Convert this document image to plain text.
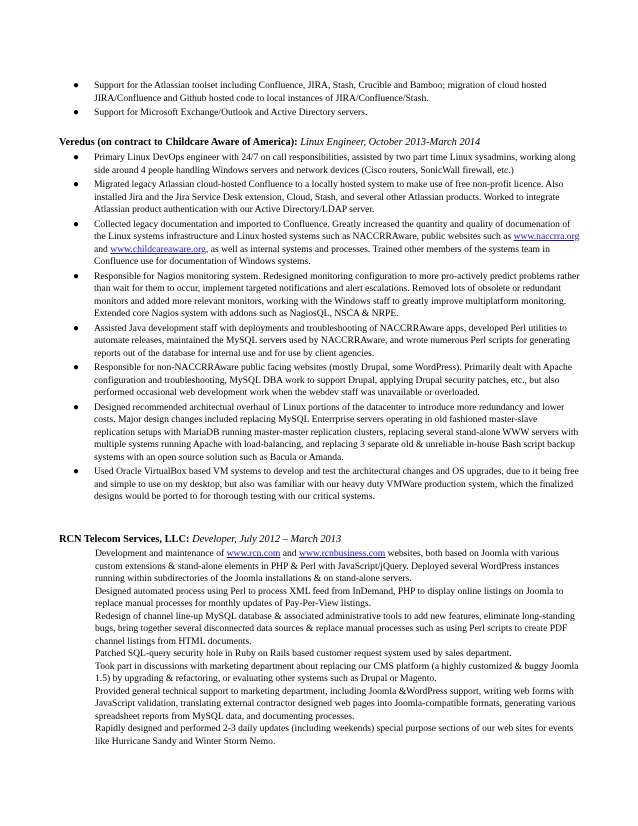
●	Support for the Atlassian toolset including Confluence, JIRA, Stash, Crucible and Bamboo; migration of cloud hosted JIRA/Confluence and Github hosted code to local instances of JIRA/Confluence/Stash.
●	Support for Microsoft Exchange/Outlook and Active Directory servers.
Veredus (on contract to Childcare Aware of America): Linux Engineer, October 2013-March 2014
●	Primary Linux DevOps engineer with 24/7 on call responsibilities, assisted by two part time Linux sysadmins, working along side around 4 people handling Windows servers and network devices (Cisco routers, SonicWall firewall, etc.)
●	Migrated legacy Atlassian cloud-hosted Confluence to a locally hosted system to make use of free non-profit licence. Also installed Jira and the Jira Service Desk extension, Cloud, Stash, and several other Atlassian products. Worked to integrate Atlassian product authentication with our Active Directory/LDAP server.
●	Collected legacy documentation and imported to Confluence. Greatly increased the quantity and quality of documenation of the Linux systems infrastructure and Linux hosted systems such as NACCRRAware, public websites such as www.naccrra.org and www.childcareaware.org, as well as internal systems and processes. Trained other members of the systems team in Confluence use for documentation of Windows systems.
●	Responsible for Nagios monitoring system. Redesigned monitoring configuration to more pro-actively predict problems rather than wait for them to occur, implement targeted notifications and alert escalations. Removed lots of obsolete or redundant monitors and added more relevant monitors, working with the Windows staff to greatly improve multiplatform monitoring. Extended core Nagios system with addons such as NagiosQL, NSCA & NRPE.
●	Assisted Java development staff with deployments and troubleshooting of NACCRRAware apps, developed Perl utilities to automate releases, maintained the MySQL servers used by NACCRRAware, and wrote numerous Perl scripts for generating reports out of the database for internal use and for use by client agencies.
●	Responsible for non-NACCRRAware public facing websites (mostly Drupal, some WordPress). Primarily dealt with Apache configuration and troubleshooting, MySQL DBA work to support Drupal, applying Drupal security patches, etc., but also performed occasional web development work when the webdev staff was unavailable or overloaded.
●	Designed recommended architectual overhaul of Linux portions of the datacenter to introduce more redundancy and lower costs. Major design changes included replacing MySQL Enterrprise servers operating in old fashioned master-slave replication setups with MariaDB running master-master replication clusters, replacing several stand-alone WWW servers with multiple systems running Apache with load-balancing, and replacing 3 separate old & unreliable in-house Bash script backup systems with an open source solution such as Bacula or Amanda.
●	Used Oracle VirtualBox based VM systems to develop and test the architectural changes and OS upgrades, due to it being free and simple to use on my desktop, but also was familiar with our heavy duty VMWare production system, which the finalized designs would be ported to for thorough testing with our critical systems.
RCN Telecom Services, LLC: Developer, July 2012 – March 2013
Development and maintenance of www.rcn.com and www.rcnbusiness.com websites, both based on Joomla with various custom extensions & stand-alone elements in PHP & Perl with JavaScript/jQuery. Deployed several WordPress instances running within subdirectories of the Joomla installations & on stand-alone servers.
Designed automated process using Perl to process XML feed from InDemand, PHP to display online listings on Joomla to replace manual processes for monthly updates of Pay-Per-View listings.
Redesign of channel line-up MySQL database & associated administrative tools to add new features, eliminate long-standing bugs, bring together several disconnected data sources & replace manual processes such as using Perl scripts to create PDF channel listings from HTML documents.
Patched SQL-query security hole in Ruby on Rails based customer request system used by sales department.
Took part in discussions with marketing department about replacing our CMS platform (a highly customized & buggy Joomla 1.5) by upgrading & refactoring, or evaluating other systems such as Drupal or Magento.
Provided general technical support to marketing department, including Joomla &WordPress support, writing web forms with JavaScript validation, translating external contractor designed web pages into Joomla-compatible formats, generating various spreadsheet reports from MySQL data, and documenting processes.
Rapidly designed and performed 2-3 daily updates (including weekends) special purpose sections of our web sites for events like Hurricane Sandy and Winter Storm Nemo.
